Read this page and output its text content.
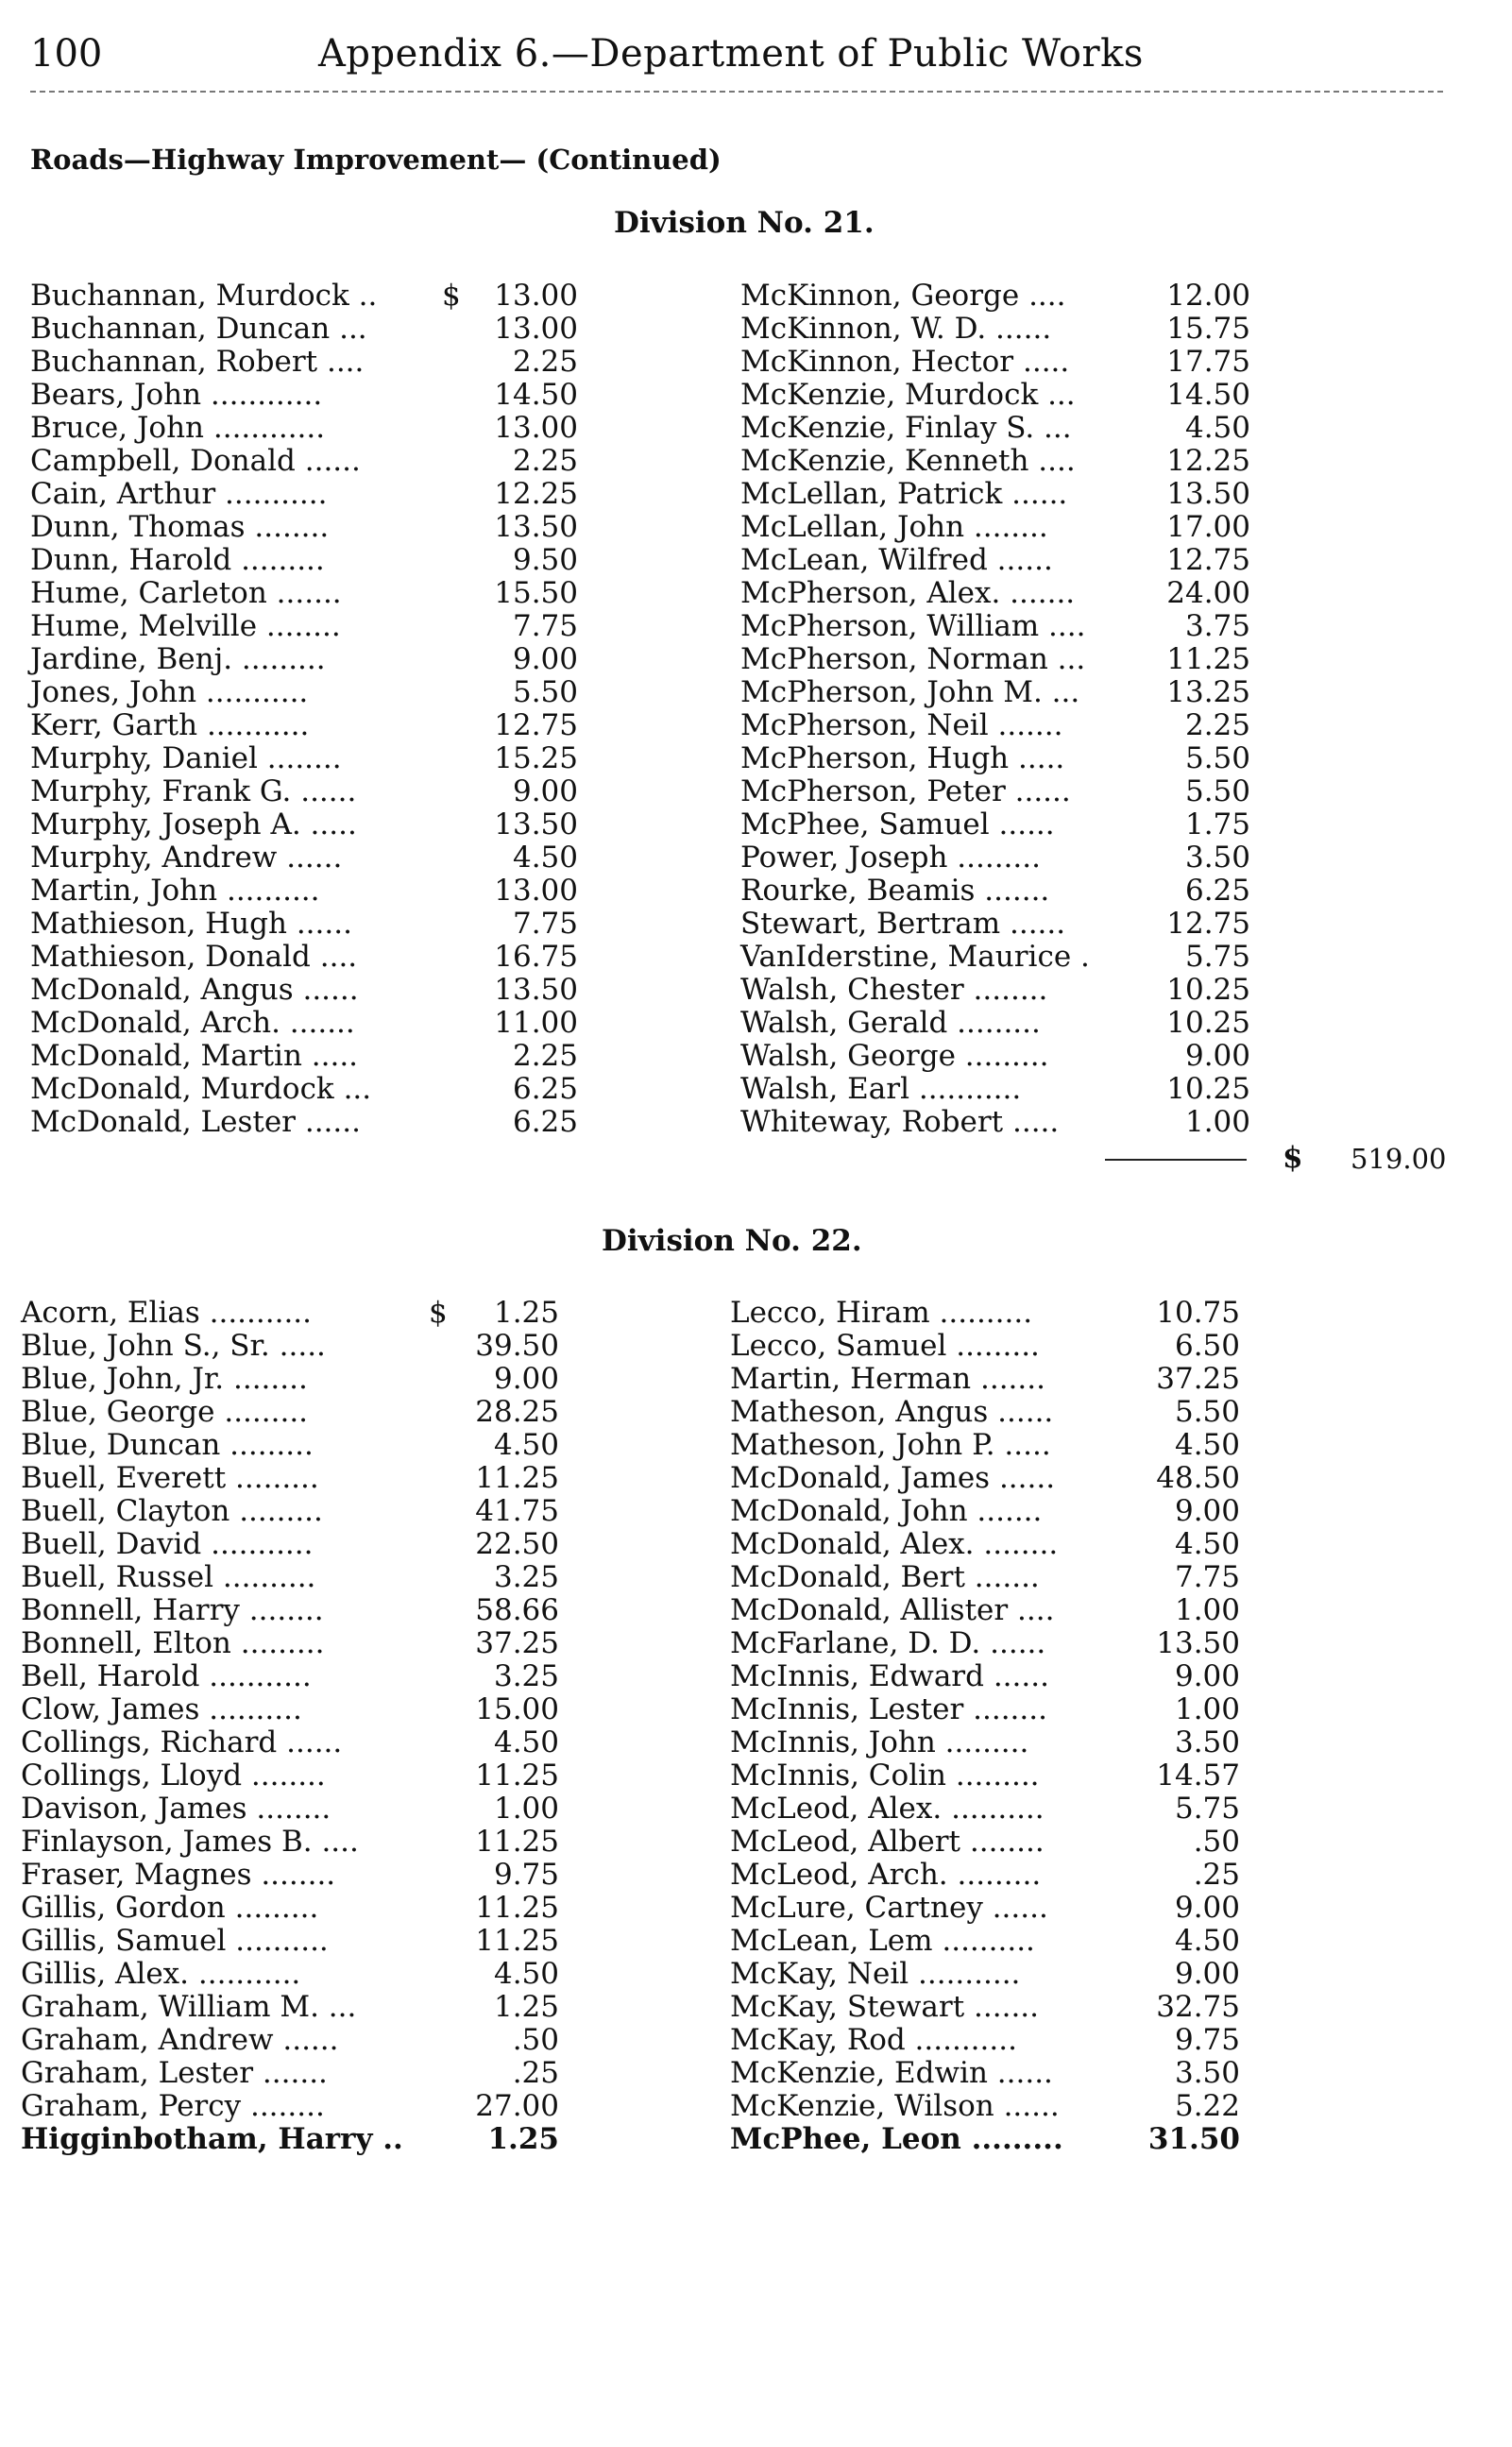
100	Appendix 6.—Department of Public Works
Roads—Highway Improvement— (Continued)
Division No. 21.
Buchannan, Murdock .. $	13.00
Buchannan, Duncan ...	13.00
Buchannan, Robert ....	2.25
Bears, John ............	14.50
Bruce, John ............	13.00
Campbell, Donald ......	2.25
Cain, Arthur ...........	12.25
Dunn, Thomas ........	13.50
Dunn, Harold .........	9.50
Hume, Carleton .......	15.50
Hume, Melville ........	7.75
Jardine, Benj. .........	9.00
Jones, John ...........	5.50
Kerr, Garth ...........	12.75
Murphy, Daniel ........	15.25
Murphy, Frank G. ......	9.00
Murphy, Joseph A. .....	13.50
Murphy, Andrew ......	4.50
Martin, John ..........	13.00
Mathieson, Hugh ......	7.75
Mathieson, Donald ....	16.75
McDonald, Angus ......	13.50
McDonald, Arch. .......	11.00
McDonald, Martin .....	2.25
McDonald, Murdock ...	6.25
McDonald, Lester ......	6.25
McKinnon, George ....	12.00
McKinnon, W. D. ......	15.75
McKinnon, Hector .....	17.75
McKenzie, Murdock ...	14.50
McKenzie, Finlay S. ...	4.50
McKenzie, Kenneth ....	12.25
McLellan, Patrick ......	13.50
McLellan, John ........	17.00
McLean, Wilfred ......	12.75
McPherson, Alex. .......	24.00
McPherson, William ....	3.75
McPherson, Norman ...	11.25
McPherson, John M. ...	13.25
McPherson, Neil .......	2.25
McPherson, Hugh .....	5.50
McPherson, Peter ......	5.50
McPhee, Samuel ......	1.75
Power, Joseph .........	3.50
Rourke, Beamis .......	6.25
Stewart, Bertram ......	12.75
VanIderstine, Maurice .	5.75
Walsh, Chester ........	10.25
Walsh, Gerald .........	10.25
Walsh, George .........	9.00
Walsh, Earl ...........	10.25
Whiteway, Robert .....	1.00
$ 519.00
Division No. 22.
Acorn, Elias ...........	$	1.25
Blue, John S., Sr. .....	39.50
Blue, John, Jr. ........	9.00
Blue, George .........	28.25
Blue, Duncan .........	4.50
Buell, Everett .........	11.25
Buell, Clayton .........	41.75
Buell, David ...........	22.50
Buell, Russel ..........	3.25
Bonnell, Harry ........	58.66
Bonnell, Elton .........	37.25
Bell, Harold ...........	3.25
Clow, James ..........	15.00
Collings, Richard ......	4.50
Collings, Lloyd ........	11.25
Davison, James ........	1.00
Finlayson, James B. ....	11.25
Fraser, Magnes ........	9.75
Gillis, Gordon .........	11.25
Gillis, Samuel ..........	11.25
Gillis, Alex. ...........	4.50
Graham, William M. ...	1.25
Graham, Andrew ......	.50
Graham, Lester .......	.25
Graham, Percy ........	27.00
Higginbotham, Harry ..	1.25
Lecco, Hiram ..........	10.75
Lecco, Samuel .........	6.50
Martin, Herman .......	37.25
Matheson, Angus ......	5.50
Matheson, John P. .....	4.50
McDonald, James ......	48.50
McDonald, John .......	9.00
McDonald, Alex. ........	4.50
McDonald, Bert .......	7.75
McDonald, Allister ....	1.00
McFarlane, D. D. ......	13.50
McInnis, Edward ......	9.00
McInnis, Lester ........	1.00
McInnis, John .........	3.50
McInnis, Colin .........	14.57
McLeod, Alex. ..........	5.75
McLeod, Albert ........	.50
McLeod, Arch. .........	.25
McLure, Cartney ......	9.00
McLean, Lem ..........	4.50
McKay, Neil ...........	9.00
McKay, Stewart .......	32.75
McKay, Rod ...........	9.75
McKenzie, Edwin ......	3.50
McKenzie, Wilson ......	5.22
McPhee, Leon .........	31.50
